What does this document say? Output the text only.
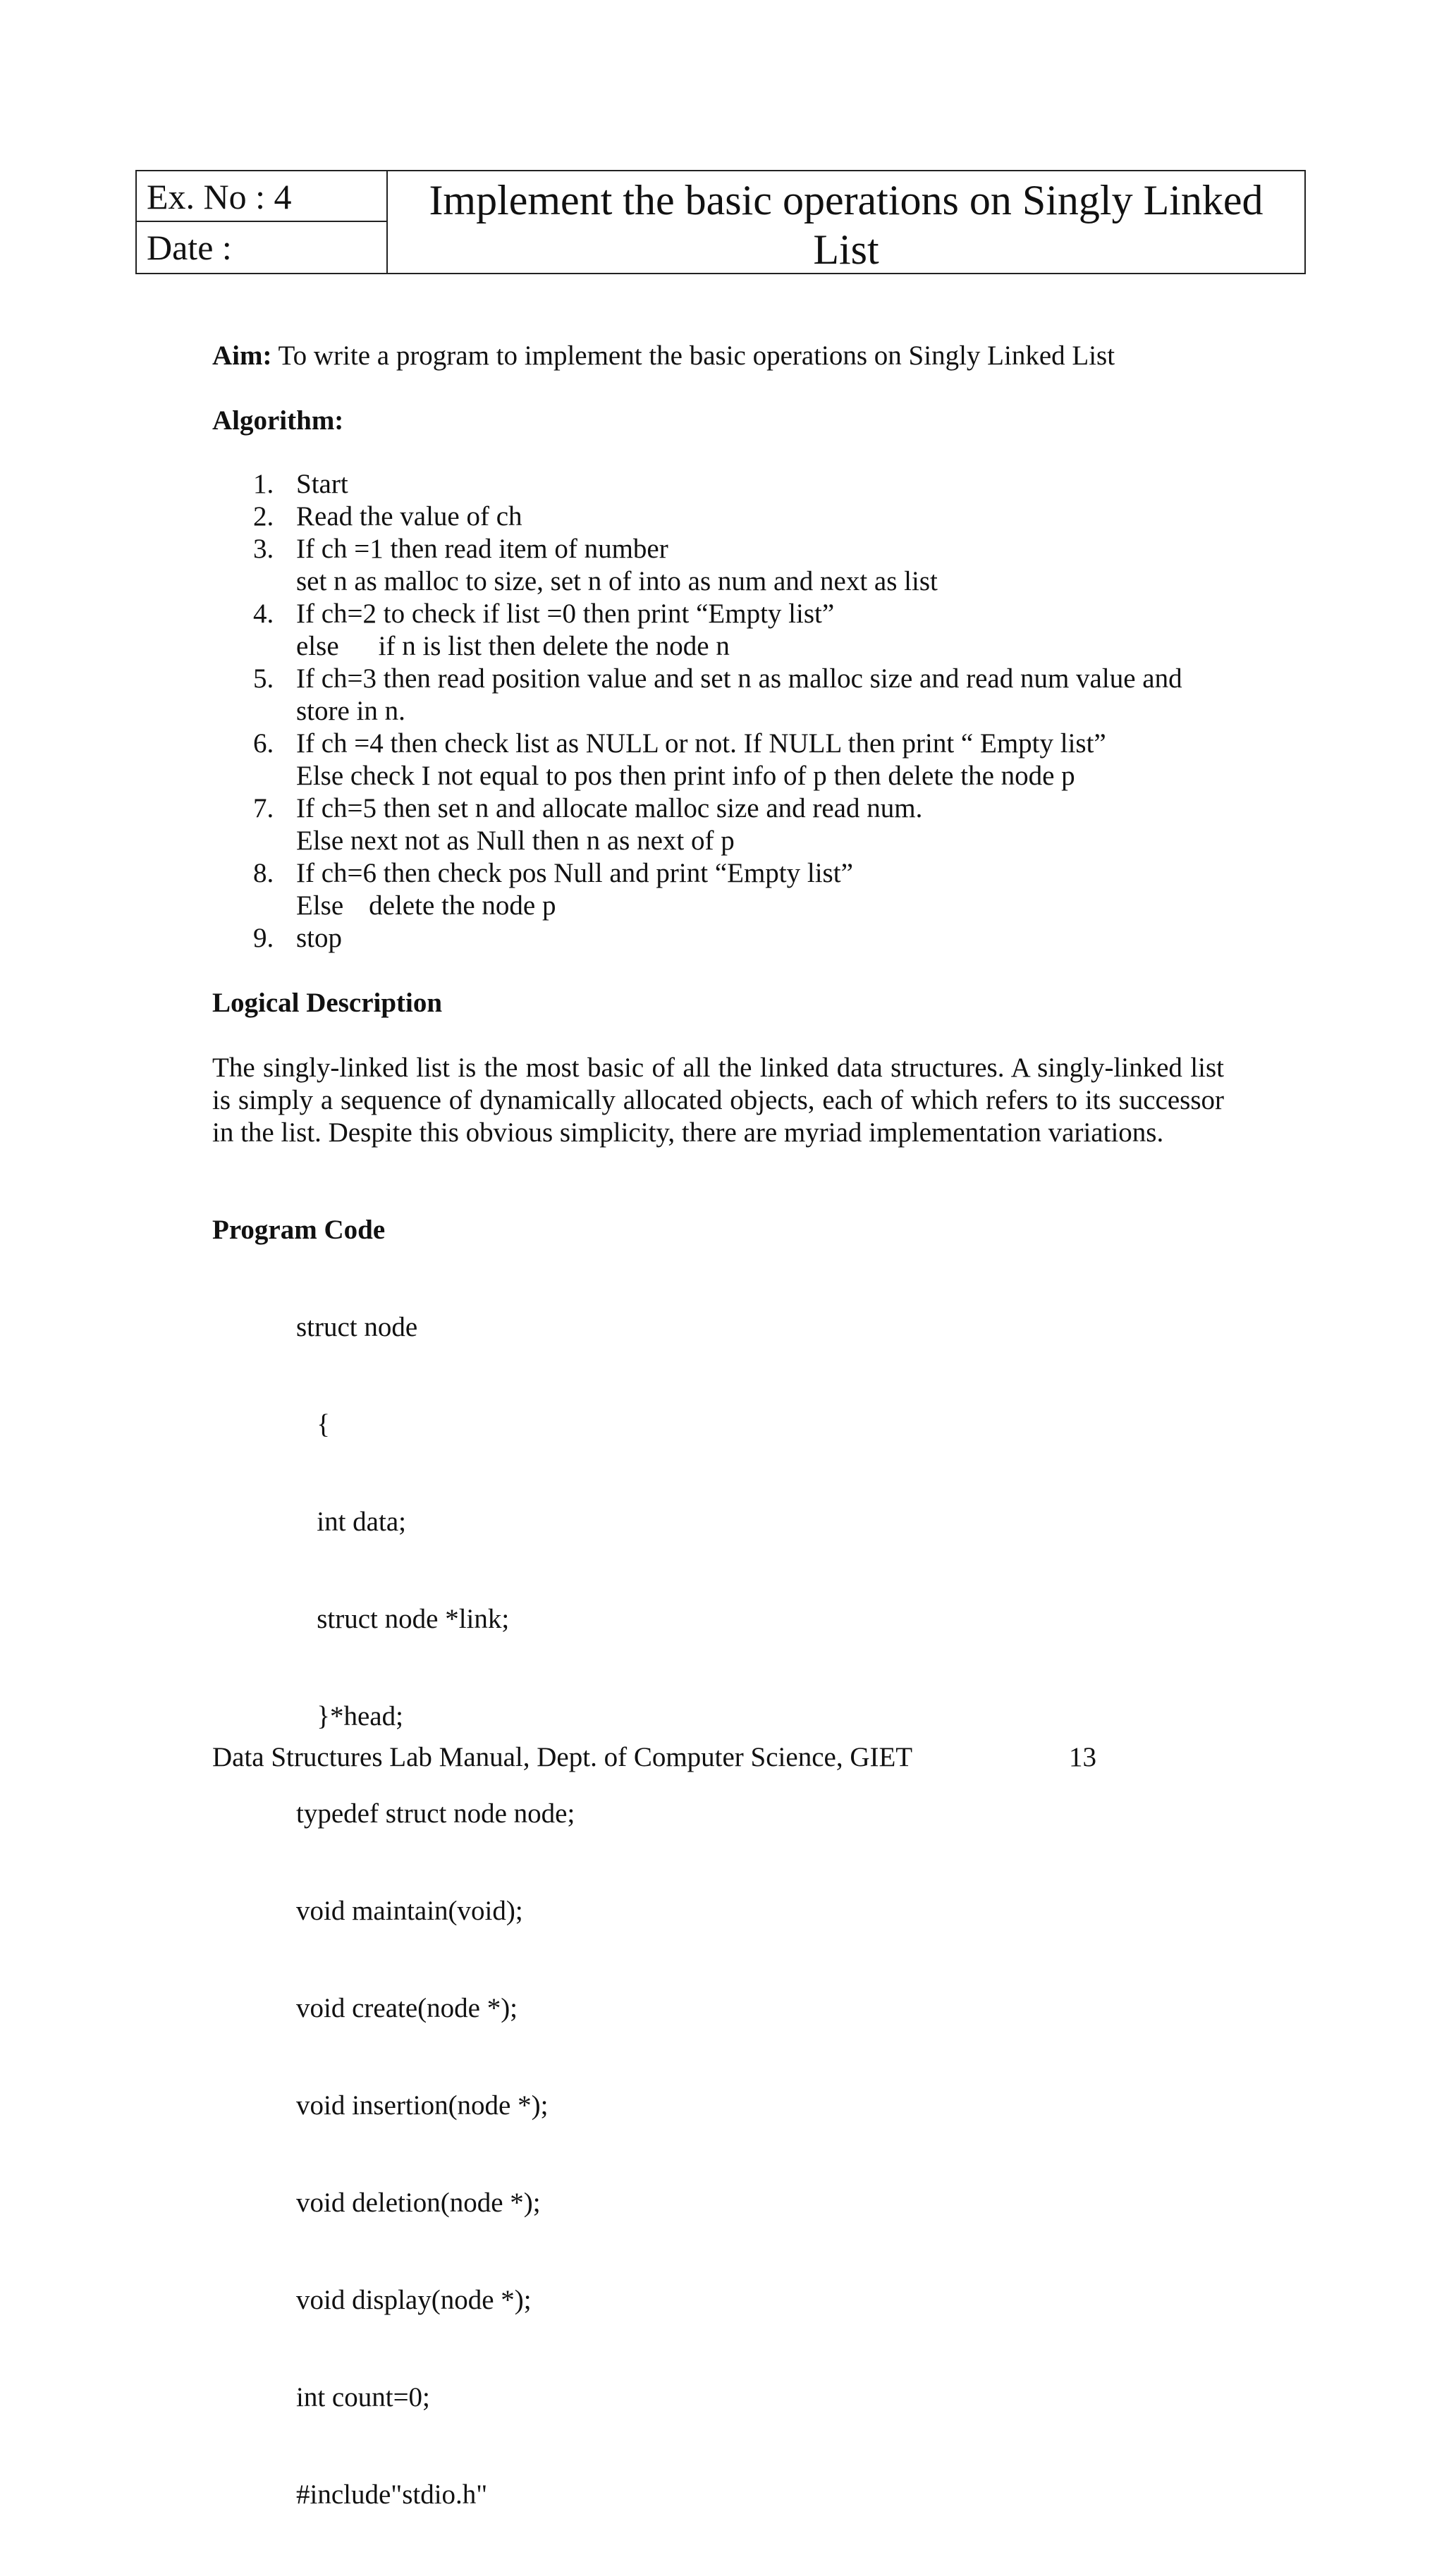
Ex. No : 4
Date :
Implement the basic operations on Singly Linked
List
Aim: To write a program to implement the basic operations on Singly Linked List
Algorithm:
1. Start
2. Read the value of ch
3. If ch =1 then read item of number
set n as malloc to size, set n of into as num and next as list
4. If ch=2 to check if list =0 then print “Empty list”
else if n is list then delete the node n
5. If ch=3 then read position value and set n as malloc size and read num value and
store in n.
6. If ch =4 then check list as NULL or not. If NULL then print “ Empty list”
Else check I not equal to pos then print info of p then delete the node p
7. If ch=5 then set n and allocate malloc size and read num.
Else next not as Null then n as next of p
8. If ch=6 then check pos Null and print “Empty list”
Else delete the node p
9. stop
Logical Description
The singly-linked list is the most basic of all the linked data structures. A singly-linked list is simply a sequence of dynamically allocated objects, each of which refers to its successor in the list. Despite this obvious simplicity, there are myriad implementation variations.
Program Code

struct node

{

int data;

struct node *link;

}*head;

typedef struct node node;

void maintain(void);

void create(node *);

void insertion(node *);

void deletion(node *);

void display(node *);

int count=0;

#include"stdio.h"

Data Structures Lab Manual, Dept. of Computer Science, GIET	13
